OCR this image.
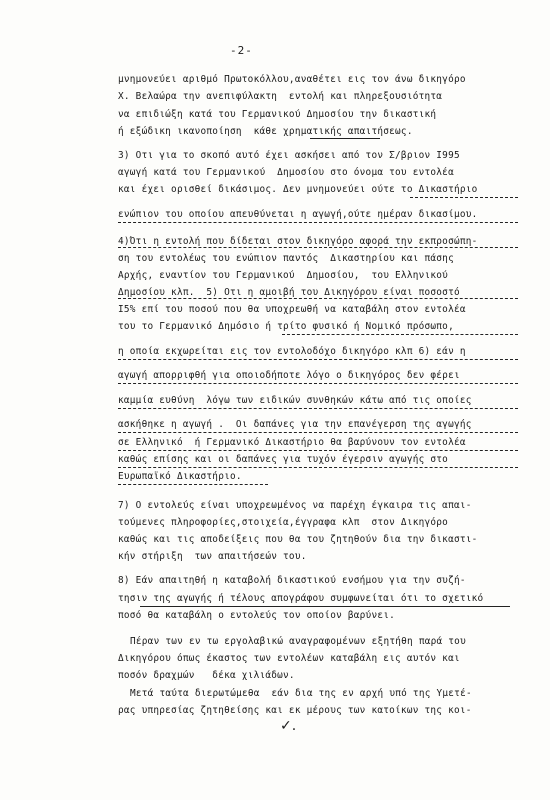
-2-
μνημονεύει αριθμό Πρωτοκόλλου,αναθέτει εις τον άνω δικηγόρο
Χ. Βελαώρα την ανεπιφύλακτη  εντολή και πληρεξουσιότητα
να επιδιώξη κατά του Γερμανικού Δημοσίου την δικαστική
ή εξώδικη ικανοποίηση  κάθε χρηματικής απαιτήσεως.
3) Οτι για το σκοπό αυτό έχει ασκήσει από τον Σ/βριον Ι995
αγωγή κατά του Γερμανικού  Δημοσίου στο όνομα του εντολέα
και έχει ορισθεί δικάσιμος. Δεν μνημονεύει ούτε το Δικαστήριο
ενώπιον του οποίου απευθύνεται η αγωγή,ούτε ημέραν δικασίμου.
4)Ότι η εντολή που δίδεται στον δικηγόρο αφορά την εκπροσώπη-
ση του εντολέως του ενώπιον παντός  Δικαστηρίου και πάσης
Αρχής, εναντίον του Γερμανικού  Δημοσίου,  του Ελληνικού
Δημοσίου κλπ.  5) Οτι η αμοιβή του Δικηγόρου είναι ποσοστό
Ι5% επί του ποσού που θα υποχρεωθή να καταβάλη στον εντολέα
του το Γερμανικό Δημόσιο ή τρίτο φυσικό ή Νομικό πρόσωπο,
η οποία εκχωρείται εις τον εντολοδόχο δικηγόρο κλπ 6) εάν η
αγωγή απορριφθή για οποιοδήποτε λόγο ο δικηγόρος δεν φέρει
καμμία ευθύνη  λόγω των ειδικών συνθηκών κάτω από τις οποίες
ασκήθηκε η αγωγή .  Οι δαπάνες για την επανέγερση της αγωγής
σε Ελληνικό  ή Γερμανικό Δικαστήριο θα βαρύνουν τον εντολέα
καθώς επίσης και οι δαπάνες για τυχόν έγερσιν αγωγής στο
Ευρωπαϊκό Δικαστήριο.
7) Ο εντολεύς είναι υποχρεωμένος να παρέχη έγκαιρα τις απαι-
τούμενες πληροφορίες,στοιχεία,έγγραφα κλπ  στον Δικηγόρο
καθώς και τις αποδείξεις που θα του ζητηθούν δια την δικαστι-
κήν στήριξη  των απαιτήσεών του.
8) Εάν απαιτηθή η καταβολή δικαστικού ενσήμου για την συζή-
τησιν της αγωγής ή τέλους απογράφου συμφωνείται ότι το σχετικό
ποσό θα καταβάλη ο εντολεύς τον οποίον βαρύνει.
Πέραν των εν τω εργολαβικώ αναγραφομένων εξητήθη παρά του
Δικηγόρου όπως έκαστος των εντολέων καταβάλη εις αυτόν και
ποσόν δραχμών   δέκα χιλιάδων.
Μετά ταύτα διερωτώμεθα  εάν δια της εν αρχή υπό της Υμετέ-
ρας υπηρεσίας ζητηθείσης και εκ μέρους των κατοίκων της κοι-
✓.
